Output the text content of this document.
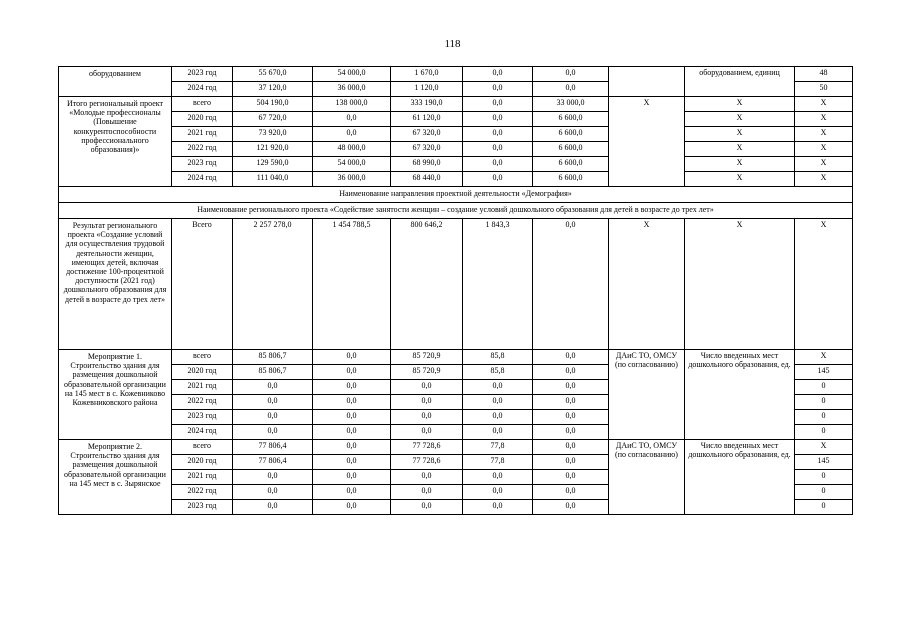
118
оборудованием	2023 год	55 670,0	54 000,0	1 670,0	0,0	0,0		оборудованием, единиц	48
	2024 год	37 120,0	36 000,0	1 120,0	0,0	0,0			50
Итого региональный проект «Молодые профессионалы (Повышение конкурентоспособности профессионального образования)»	всего	504 190,0	138 000,0	333 190,0	0,0	33 000,0	Х	Х	Х
	2020 год	67 720,0	0,0	61 120,0	0,0	6 600,0		Х	Х
	2021 год	73 920,0	0,0	67 320,0	0,0	6 600,0		Х	Х
	2022 год	121 920,0	48 000,0	67 320,0	0,0	6 600,0		Х	Х
	2023 год	129 590,0	54 000,0	68 990,0	0,0	6 600,0		Х	Х
	2024 год	111 040,0	36 000,0	68 440,0	0,0	6 600,0		Х	Х
Наименование направления проектной деятельности «Демография»									
Наименование регионального проекта «Содействие занятости женщин – создание условий дошкольного образования для детей в возрасте до трех лет»									
Результат регионального проекта «Создание условий для осуществления трудовой деятельности женщин, имеющих детей, включая достижение 100-процентной доступности (2021 год) дошкольного образования для детей в возрасте до трех лет»	Всего	2 257 278,0	1 454 788,5	800 646,2	1 843,3	0,0	Х	Х	Х
Мероприятие 1. Строительство здания для размещения дошкольной образовательной организации на 145 мест в с. Кожевниково Кожевниковского района	всего	85 806,7	0,0	85 720,9	85,8	0,0	ДАиС ТО, ОМСУ (по согласованию)	Число введенных мест дошкольного образования, ед.	Х
	2020 год	85 806,7	0,0	85 720,9	85,8	0,0			145
	2021 год	0,0	0,0	0,0	0,0	0,0			0
	2022 год	0,0	0,0	0,0	0,0	0,0			0
	2023 год	0,0	0,0	0,0	0,0	0,0			0
	2024 год	0,0	0,0	0,0	0,0	0,0			0
Мероприятие 2. Строительство здания для размещения дошкольной образовательной организации на 145 мест в с. Зырянское	всего	77 806,4	0,0	77 728,6	77,8	0,0	ДАиС ТО, ОМСУ (по согласованию)	Число введенных мест дошкольного образования, ед.	Х
	2020 год	77 806,4	0,0	77 728,6	77,8	0,0			145
	2021 год	0,0	0,0	0,0	0,0	0,0			0
	2022 год	0,0	0,0	0,0	0,0	0,0			0
	2023 год	0,0	0,0	0,0	0,0	0,0			0
